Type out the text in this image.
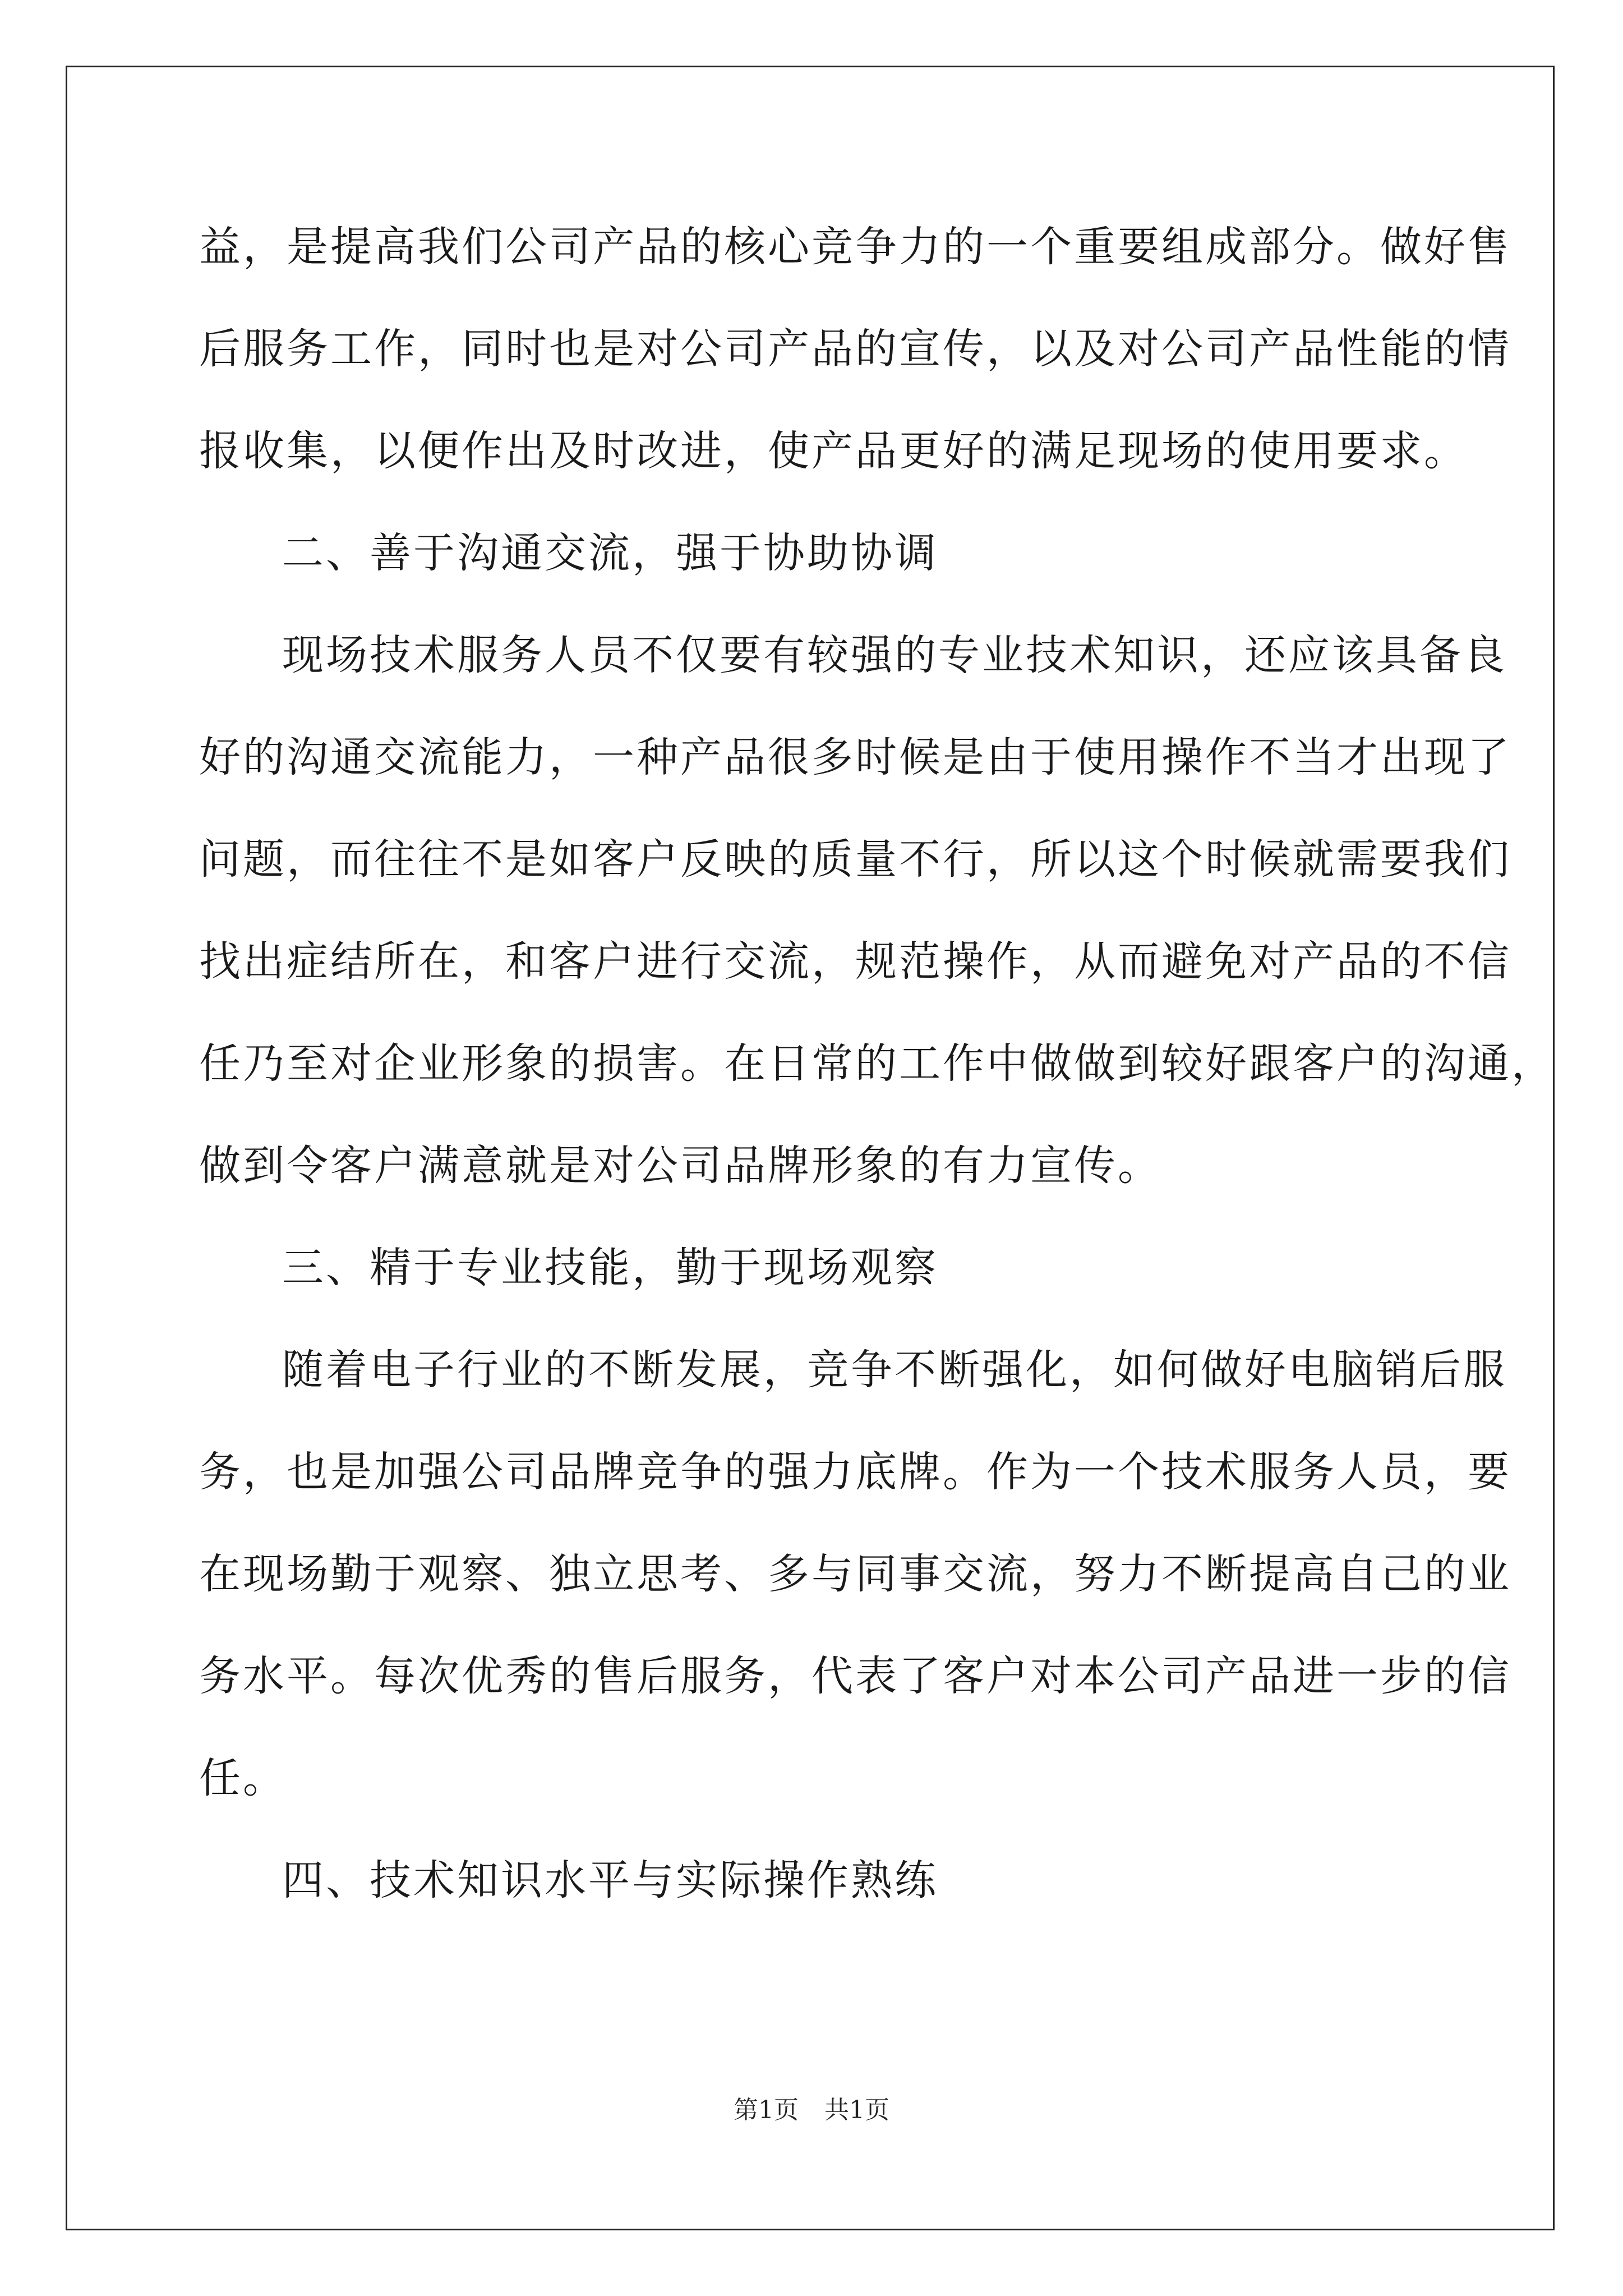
益，是提高我们公司产品的核心竞争力的一个重要组成部分。做好售
后服务工作，同时也是对公司产品的宣传，以及对公司产品性能的情
报收集，以便作出及时改进，使产品更好的满足现场的使用要求。
二、善于沟通交流，强于协助协调
现场技术服务人员不仅要有较强的专业技术知识，还应该具备良
好的沟通交流能力，一种产品很多时候是由于使用操作不当才出现了
问题，而往往不是如客户反映的质量不行，所以这个时候就需要我们
找出症结所在，和客户进行交流，规范操作，从而避免对产品的不信
任乃至对企业形象的损害。在日常的工作中做做到较好跟客户的沟通，
做到令客户满意就是对公司品牌形象的有力宣传。
三、精于专业技能，勤于现场观察
随着电子行业的不断发展，竞争不断强化，如何做好电脑销后服
务，也是加强公司品牌竞争的强力底牌。作为一个技术服务人员，要
在现场勤于观察、独立思考、多与同事交流，努力不断提高自己的业
务水平。每次优秀的售后服务，代表了客户对本公司产品进一步的信
任。
四、技术知识水平与实际操作熟练
第1页 共1页
